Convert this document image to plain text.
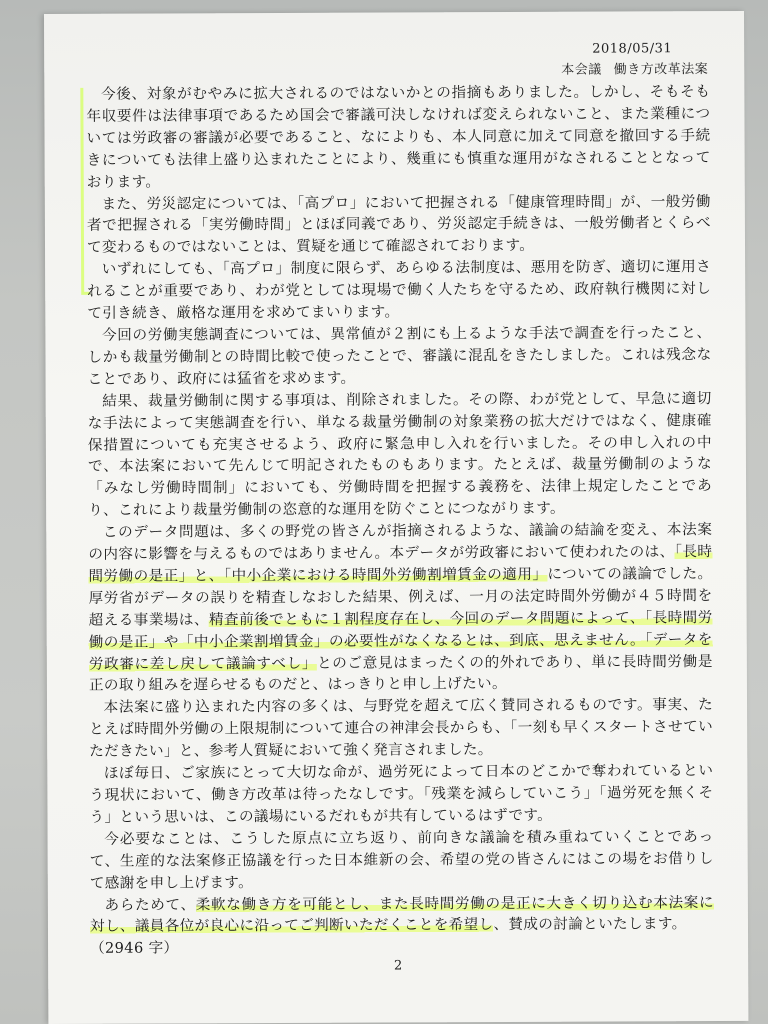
2018/05/31
本会議 働き方改革法案

今後、対象がむやみに拡大されるのではないかとの指摘もありました。しかし、そもそも年収要件は法律事項であるため国会で審議可決しなければ変えられないこと、また業種については労政審の審議が必要であること、なによりも、本人同意に加えて同意を撤回する手続きについても法律上盛り込まれたことにより、幾重にも慎重な運用がなされることとなっております。

また、労災認定については、「高プロ」において把握される「健康管理時間」が、一般労働者で把握される「実労働時間」とほぼ同義であり、労災認定手続きは、一般労働者とくらべて変わるものではないことは、質疑を通じて確認されております。

いずれにしても、「高プロ」制度に限らず、あらゆる法制度は、悪用を防ぎ、適切に運用されることが重要であり、わが党としては現場で働く人たちを守るため、政府執行機関に対して引き続き、厳格な運用を求めてまいります。

今回の労働実態調査については、異常値が２割にも上るような手法で調査を行ったこと、しかも裁量労働制との時間比較で使ったことで、審議に混乱をきたしました。これは残念なことであり、政府には猛省を求めます。

結果、裁量労働制に関する事項は、削除されました。その際、わが党として、早急に適切な手法によって実態調査を行い、単なる裁量労働制の対象業務の拡大だけではなく、健康確保措置についても充実させるよう、政府に緊急申し入れを行いました。その申し入れの中で、本法案において先んじて明記されたものもあります。たとえば、裁量労働制のような「みなし労働時間制」においても、労働時間を把握する義務を、法律上規定したことであり、これにより裁量労働制の恣意的な運用を防ぐことにつながります。

このデータ問題は、多くの野党の皆さんが指摘されるような、議論の結論を変え、本法案の内容に影響を与えるものではありません。本データが労政審において使われたのは、「長時間労働の是正」と、「中小企業における時間外労働割増賃金の適用」についての議論でした。厚労省がデータの誤りを精査しなおした結果、例えば、一月の法定時間外労働が４５時間を超える事業場は、精査前後でともに１割程度存在し、今回のデータ問題によって、「長時間労働の是正」や「中小企業割増賃金」の必要性がなくなるとは、到底、思えません。「データを労政審に差し戻して議論すべし」とのご意見はまったくの的外れであり、単に長時間労働是正の取り組みを遅らせるものだと、はっきりと申し上げたい。

本法案に盛り込まれた内容の多くは、与野党を超えて広く賛同されるものです。事実、たとえば時間外労働の上限規制について連合の神津会長からも、「一刻も早くスタートさせていただきたい」と、参考人質疑において強く発言されました。

ほぼ毎日、ご家族にとって大切な命が、過労死によって日本のどこかで奪われているという現状において、働き方改革は待ったなしです。「残業を減らしていこう」「過労死を無くそう」という思いは、この議場にいるだれもが共有しているはずです。

今必要なことは、こうした原点に立ち返り、前向きな議論を積み重ねていくことであって、生産的な法案修正協議を行った日本維新の会、希望の党の皆さんにはこの場をお借りして感謝を申し上げます。

あらためて、柔軟な働き方を可能とし、また長時間労働の是正に大きく切り込む本法案に対し、議員各位が良心に沿ってご判断いただくことを希望し、賛成の討論といたします。

（2946 字）

2
